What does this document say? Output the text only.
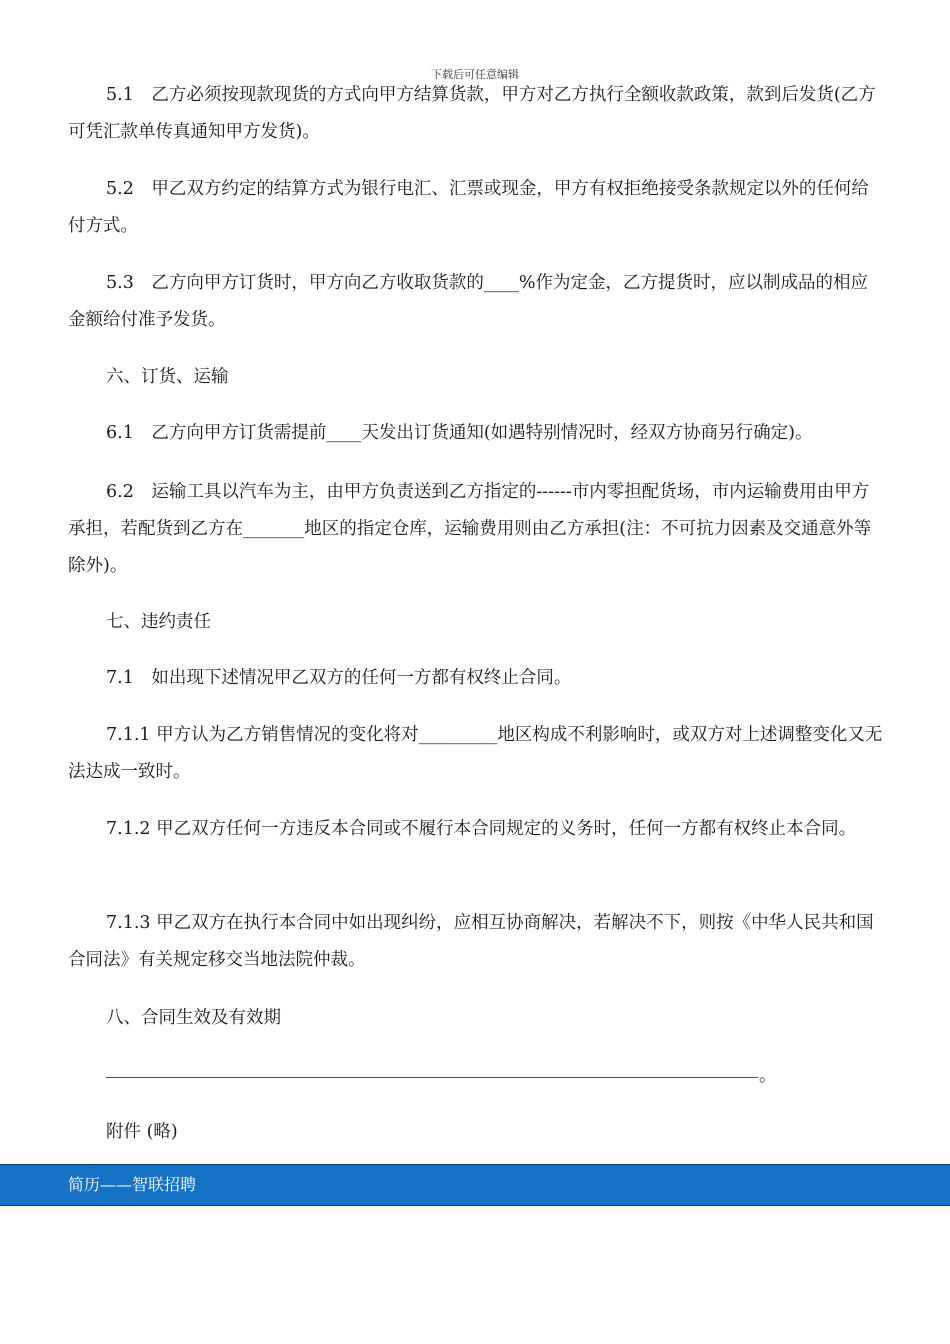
下载后可任意编辑
5.1　乙方必须按现款现货的方式向甲方结算货款，甲方对乙方执行全额收款政策，款到后发货(乙方可凭汇款单传真通知甲方发货)。
5.2　甲乙双方约定的结算方式为银行电汇、汇票或现金，甲方有权拒绝接受条款规定以外的任何给付方式。
5.3　乙方向甲方订货时，甲方向乙方收取货款的____%作为定金，乙方提货时，应以制成品的相应金额给付准予发货。
六、订货、运输
6.1　乙方向甲方订货需提前____天发出订货通知(如遇特别情况时，经双方协商另行确定)。
6.2　运输工具以汽车为主，由甲方负责送到乙方指定的------市内零担配货场，市内运输费用由甲方承担，若配货到乙方在_______地区的指定仓库，运输费用则由乙方承担(注：不可抗力因素及交通意外等除外)。
七、违约责任
7.1　如出现下述情况甲乙双方的任何一方都有权终止合同。
7.1.1 甲方认为乙方销售情况的变化将对_________地区构成不利影响时，或双方对上述调整变化又无法达成一致时。
7.1.2 甲乙双方任何一方违反本合同或不履行本合同规定的义务时，任何一方都有权终止本合同。
7.1.3 甲乙双方在执行本合同中如出现纠纷，应相互协商解决，若解决不下，则按《中华人民共和国合同法》有关规定移交当地法院仲裁。
八、合同生效及有效期
。
附件 (略)
简历——智联招聘
